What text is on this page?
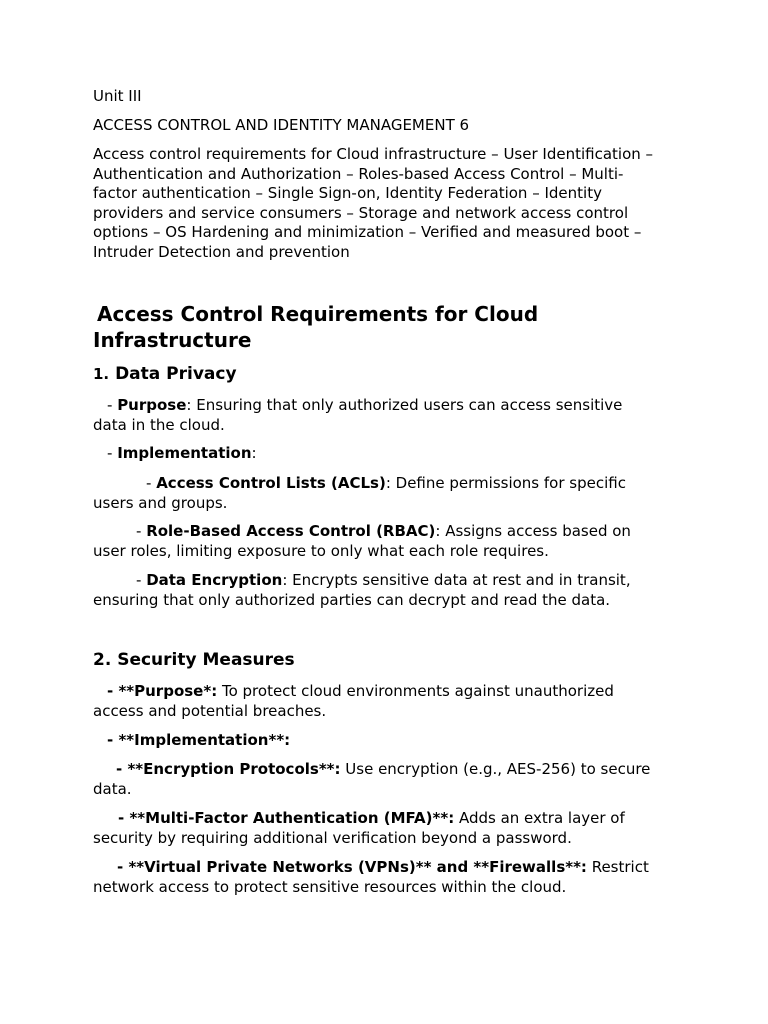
Unit III
ACCESS CONTROL AND IDENTITY MANAGEMENT 6
Access control requirements for Cloud infrastructure – User Identification –
Authentication and Authorization – Roles-based Access Control – Multi-
factor authentication – Single Sign-on, Identity Federation – Identity
providers and service consumers – Storage and network access control
options – OS Hardening and minimization – Verified and measured boot –
Intruder Detection and prevention
Access Control Requirements for Cloud
Infrastructure
1. Data Privacy
- Purpose: Ensuring that only authorized users can access sensitive
data in the cloud.
- Implementation:
- Access Control Lists (ACLs): Define permissions for specific
users and groups.
- Role-Based Access Control (RBAC): Assigns access based on
user roles, limiting exposure to only what each role requires.
- Data Encryption: Encrypts sensitive data at rest and in transit,
ensuring that only authorized parties can decrypt and read the data.
2. Security Measures
- **Purpose*: To protect cloud environments against unauthorized
access and potential breaches.
- **Implementation**:
- **Encryption Protocols**: Use encryption (e.g., AES-256) to secure
data.
- **Multi-Factor Authentication (MFA)**: Adds an extra layer of
security by requiring additional verification beyond a password.
- **Virtual Private Networks (VPNs)** and **Firewalls**: Restrict
network access to protect sensitive resources within the cloud.
